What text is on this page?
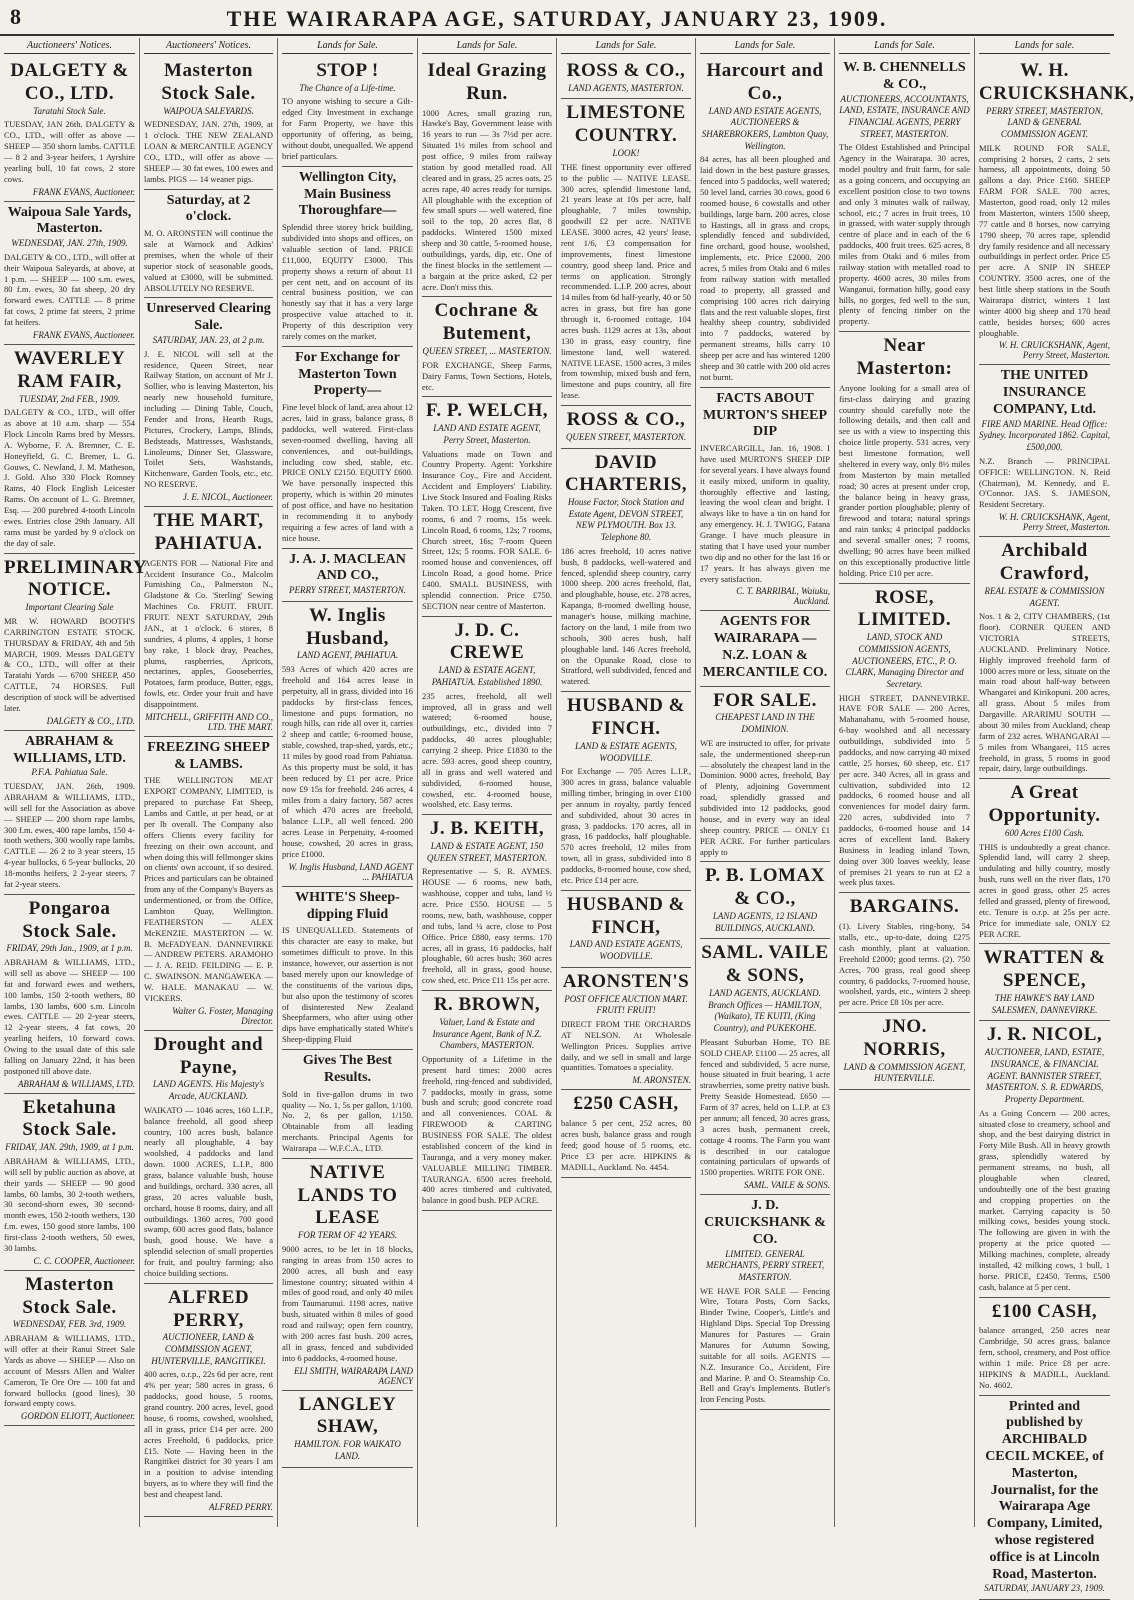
8	THE WAIRARAPA AGE, SATURDAY, JANUARY 23, 1909.
Auctioneers' Notices.
DALGETY & CO., LTD.
Taratahi Stock Sale.
TUESDAY, JAN 26th. DALGETY & CO., LTD., will offer as above — SHEEP — 350 shorn lambs. CATTLE — 8 2 and 3-year heifers, 1 Ayrshire yearling bull, 10 fat cows, 2 store cows.
FRANK EVANS, Auctioneer.
Waipoua Sale Yards, Masterton.
WEDNESDAY, JAN. 27th, 1909.
DALGETY & CO., LTD., will offer at their Waipoua Saleyards, at above, at 1 p.m. — SHEEP — 100 s.m. ewes, 80 f.m. ewes, 30 fat sheep, 20 dry forward ewes. CATTLE — 8 prime fat cows, 2 prime fat steers, 2 prime fat heifers.
FRANK EVANS, Auctioneer.
WAVERLEY RAM FAIR,
TUESDAY, 2nd FEB., 1909.
DALGETY & CO., LTD., will offer as above at 10 a.m. sharp — 554 Flock Lincoln Rams bred by Messrs. A. Wyborne, F. A. Bremner, C. E. Honeyfield, G. C. Bremer, L. G. Gouws, C. Newland, J. M. Matheson, J. Gold. Also 330 Flock Romney Rams, 40 Flock English Leicester Rams. On account of L. G. Bremner, Esq. — 200 purebred 4-tooth Lincoln ewes. Entries close 29th January. All rams must be yarded by 9 o'clock on the day of sale.
PRELIMINARY NOTICE.
Important Clearing Sale
MR W. HOWARD BOOTH'S CARRINGTON ESTATE STOCK. THURSDAY & FRIDAY, 4th and 5th MARCH, 1909. Messrs DALGETY & CO., LTD., will offer at their Taratahi Yards — 6700 SHEEP, 450 CATTLE, 74 HORSES. Full description of stock will be advertised later.
DALGETY & CO., LTD.
ABRAHAM & WILLIAMS, LTD.
P.F.A. Pahiatua Sale.
TUESDAY, JAN. 26th, 1909. ABRAHAM & WILLIAMS, LTD., will sell for the Association as above — SHEEP — 200 shorn rape lambs, 300 f.m. ewes, 400 rape lambs, 150 4-tooth wethers, 300 woolly rape lambs. CATTLE — 26 2 to 3 year steers, 15 4-year bullocks, 6 5-year bullocks, 20 18-months heifers, 2 2-year steers, 7 fat 2-year steers.
Pongaroa Stock Sale.
FRIDAY, 29th Jan., 1909, at 1 p.m.
ABRAHAM & WILLIAMS, LTD., will sell as above — SHEEP — 100 fat and forward ewes and wethers, 100 lambs, 150 2-tooth wethers, 80 lambs, 130 lambs, 600 s.m. Lincoln ewes. CATTLE — 20 2-year steers, 12 2-year steers, 4 fat cows, 20 yearling heifers, 10 forward cows. Owing to the usual date of this sale falling on January 22nd, it has been postponed till above date.
ABRAHAM & WILLIAMS, LTD.
Eketahuna Stock Sale.
FRIDAY, JAN. 29th, 1909, at 1 p.m.
ABRAHAM & WILLIAMS, LTD., will sell by public auction as above, at their yards — SHEEP — 90 good lambs, 60 lambs, 30 2-tooth wethers, 30 second-shorn ewes, 30 second-month ewes, 150 2-tooth wethers, 130 f.m. ewes, 150 good store lambs, 100 first-class 2-tooth wethers, 50 ewes, 30 lambs.
C. C. COOPER, Auctioneer.
Masterton Stock Sale.
WEDNESDAY, FEB. 3rd, 1909.
ABRAHAM & WILLIAMS, LTD., will offer at their Ranui Street Sale Yards as above — SHEEP — Also on account of Messrs Allen and Walter Cameron, Te Ore Ore — 100 fat and forward bullocks (good lines), 30 forward empty cows.
GORDON ELIOTT, Auctioneer.
Auctioneers' Notices.
Masterton Stock Sale.
WAIPOUA SALEYARDS.
WEDNESDAY, JAN. 27th, 1909, at 1 o'clock. THE NEW ZEALAND LOAN & MERCANTILE AGENCY CO., LTD., will offer as above — SHEEP — 30 fat ewes, 100 ewes and lambs. PIGS — 14 weaner pigs.
Saturday, at 2 o'clock.
M. O. ARONSTEN will continue the sale at Warnock and Adkins' premises, when the whole of their superior stock of seasonable goods, valued at £3000, will be submitted. ABSOLUTELY NO RESERVE.
Unreserved Clearing Sale.
SATURDAY, JAN. 23, at 2 p.m.
J. E. NICOL will sell at the residence, Queen Street, near Railway Station, on account of Mr J. Sollier, who is leaving Masterton, his nearly new household furniture, including — Dining Table, Couch, Fender and Irons, Hearth Rugs, Pictures, Crockery, Lamps, Blinds, Bedsteads, Mattresses, Washstands, Linoleums, Dinner Set, Glassware, Toilet Sets, Washstands, Kitchenware, Garden Tools, etc., etc. NO RESERVE.
J. E. NICOL, Auctioneer.
THE MART, PAHIATUA.
AGENTS FOR — National Fire and Accident Insurance Co., Malcolm Furnishing Co., Palmerston N., Gladstone & Co. 'Sterling' Sewing Machines Co. FRUIT. FRUIT. FRUIT. NEXT SATURDAY, 29th JAN., at 1 o'clock. 6 stores, 8 sundries, 4 plums, 4 apples, 1 horse bay rake, 1 block dray, Peaches, plums, raspberries, Apricots, nectarines, apples, Gooseberries, Potatoes, farm produce, Butter, eggs, fowls, etc. Order your fruit and have disappointment.
MITCHELL, GRIFFITH AND CO., LTD. THE MART.
FREEZING SHEEP & LAMBS.
THE WELLINGTON MEAT EXPORT COMPANY, LIMITED, is prepared to purchase Fat Sheep, Lambs and Cattle, at per head, or at per lb overall. The Company also offers Clients every facility for freezing on their own account, and when doing this will fellmonger skins on clients' own account, if so desired. Prices and particulars can be obtained from any of the Company's Buyers as undermentioned, or from the Office, Lambton Quay, Wellington. FEATHERSTON — ALEX McKENZIE. MASTERTON — W. B. McFADYEAN. DANNEVIRKE — ANDREW PETERS. ARAMOHO — J. A. REID. FEILDING — E. P. C. SWAINSON. MANGAWEKA — W. HALE. MANAKAU — W. VICKERS.
Walter G. Foster, Managing Director.
Drought and Payne,
LAND AGENTS. His Majesty's Arcade, AUCKLAND.
WAIKATO — 1046 acres, 160 L.I.P., balance freehold, all good sheep country, 100 acres bush, balance nearly all ploughable, 4 bay woolshed, 4 paddocks and land down. 1000 ACRES, L.I.P., 800 grass, balance valuable bush, house and buildings, orchard. 330 acres, all grass, 20 acres valuable bush, orchard, house 8 rooms, dairy, and all outbuildings. 1360 acres, 700 good swamp, 600 acres good flats, balance bush, good house. We have a splendid selection of small properties for fruit, and poultry farming; also choice building sections.
ALFRED PERRY,
AUCTIONEER, LAND & COMMISSION AGENT, HUNTERVILLE, RANGITIKEI.
400 acres, o.r.p., 22s 6d per acre, rent 4% per year; 580 acres in grass, 6 paddocks, good house, 5 rooms, grand country. 200 acres, level, good house, 6 rooms, cowshed, woolshed, all in grass, price £14 per acre. 200 acres Freehold, 6 paddocks, price £15. Note — Having been in the Rangitikei district for 30 years I am in a position to advise intending buyers, as to where they will find the best and cheapest land.
ALFRED PERRY.
Lands for Sale.
STOP !
The Chance of a Life-time.
TO anyone wishing to secure a Gilt-edged City Investment in exchange for Farm Property, we have this opportunity of offering, as being, without doubt, unequalled. We append brief particulars.
Wellington City, Main Business Thoroughfare—
Splendid three storey brick building, subdivided into shops and offices, on valuable section of land. PRICE £11,000, EQUITY £3000. This property shows a return of about 11 per cent nett, and on account of its central business position, we can honestly say that it has a very large prospective value attached to it. Property of this description very rarely comes on the market.
For Exchange for Masterton Town Property—
Fine level block of land, area about 12 acres, laid in grass, balance grass, 8 paddocks, well watered. First-class seven-roomed dwelling, having all conveniences, and out-buildings, including cow shed, stable, etc. PRICE ONLY £2150. EQUITY £600. We have personally inspected this property, which is within 20 minutes of post office, and have no hesitation in recommending it to anybody requiring a few acres of land with a nice house.
J. A. J. MACLEAN AND CO.,
PERRY STREET, MASTERTON.
W. Inglis Husband,
LAND AGENT, PAHIATUA.
593 Acres of which 420 acres are freehold and 164 acres lease in perpetuity, all in grass, divided into 16 paddocks by first-class fences, limestone and pups formation, no rough hills, can ride all over it, carries 2 sheep and cattle; 6-roomed house, stable, cowshed, trap-shed, yards, etc.; 11 miles by good road from Pahiatua. As this property must be sold, it has been reduced by £1 per acre. Price now £9 15s for freehold. 246 acres, 4 miles from a dairy factory, 587 acres of which 470 acres are freehold, balance L.I.P., all well fenced. 200 acres Lease in Perpetuity, 4-roomed house, cowshed, 20 acres in grass, price £1000.
W. Inglis Husband, LAND AGENT ... PAHIATUA
WHITE'S Sheep-dipping Fluid
IS UNEQUALLED. Statements of this character are easy to make, but sometimes difficult to prove. In this instance, however, our assertion is not based merely upon our knowledge of the constituents of the various dips, but also upon the testimony of scores of disinterested New Zealand Sheepfarmers, who after using other dips have emphatically stated White's Sheep-dipping Fluid
Gives The Best Results.
Sold in five-gallon drums in two quality — No. 1, 5s per gallon, 1/100. No. 2, 6s per gallon, 1/150. Obtainable from all leading merchants. Principal Agents for Wairarapa — W.F.C.A., LTD.
NATIVE LANDS TO LEASE
FOR TERM OF 42 YEARS.
9000 acres, to be let in 18 blocks, ranging in areas from 150 acres to 2000 acres, all bush and easy limestone country; situated within 4 miles of good road, and only 40 miles from Taumarunui. 1198 acres, native bush, situated within 8 miles of good road and railway; open fern country, with 200 acres fast bush. 200 acres, all in grass, fenced and subdivided into 6 paddocks, 4-roomed house.
ELI SMITH, WAIRARAPA LAND AGENCY
LANGLEY SHAW,
HAMILTON. FOR WAIKATO LAND.
Lands for Sale.
Ideal Grazing Run.
1000 Acres, small grazing run, Hawke's Bay, Government lease with 16 years to run — 3s 7½d per acre. Situated 1½ miles from school and post office, 9 miles from railway station by good metalled road. All cleared and in grass, 25 acres oats, 25 acres rape, 40 acres ready for turnips. All ploughable with the exception of few small spurs — well watered, fine soil to the top, 20 acres flat, 8 paddocks. Wintered 1500 mixed sheep and 30 cattle, 5-roomed house, outbuildings, yards, dip, etc. One of the finest blocks in the settlement — a bargain at the price asked, £2 per acre. Don't miss this.
Cochrane & Butement,
QUEEN STREET, ... MASTERTON.
FOR EXCHANGE, Sheep Farms, Dairy Farms, Town Sections, Hotels, etc.
F. P. WELCH,
LAND AND ESTATE AGENT, Perry Street, Masterton.
Valuations made on Town and Country Property. Agent: Yorkshire Insurance Coy., Fire and Accident. Accident and Employers' Liability. Live Stock Insured and Foaling Risks Taken. TO LET. Hogg Crescent, five rooms, 6 and 7 rooms, 15s week. Lincoln Road, 6 rooms, 12s; 7 rooms, Church street, 16s; 7-room Queen Street, 12s; 5 rooms. FOR SALE. 6-roomed house and conveniences, off Lincoln Road, a good home. Price £400. SMALL BUSINESS, with splendid connection. Price £750. SECTION near centre of Masterton.
J. D. C. CREWE
LAND & ESTATE AGENT, PAHIATUA. Established 1890.
235 acres, freehold, all well improved, all in grass and well watered; 6-roomed house, outbuildings, etc., divided into 7 paddocks, 40 acres ploughable; carrying 2 sheep. Price £1830 to the acre. 593 acres, good sheep country, all in grass and well watered and subdivided, 6-roomed house, cowshed, etc. 4-roomed house, woolshed, etc. Easy terms.
J. B. KEITH,
LAND & ESTATE AGENT, 150 QUEEN STREET, MASTERTON.
Representative — S. R. AYMES. HOUSE — 6 rooms, new bath, washhouse, copper and tubs, land ½ acre. Price £550. HOUSE — 5 rooms, new, bath, washhouse, copper and tubs, land ¼ acre, close to Post Office. Price £880, easy terms. 170 acres, all in grass, 16 paddocks, half ploughable, 60 acres bush; 360 acres freehold, all in grass, good house, cow shed, etc. Price £11 15s per acre.
R. BROWN,
Valuer, Land & Estate and Insurance Agent, Bank of N.Z. Chambers, MASTERTON.
Opportunity of a Lifetime in the present hard times: 2000 acres freehold, ring-fenced and subdivided, 7 paddocks, mostly in grass, some bush and scrub; good concrete road and all conveniences. COAL & FIREWOOD & CARTING BUSINESS FOR SALE. The oldest established concern of the kind in Tauranga, and a very money maker. VALUABLE MILLING TIMBER. TAURANGA. 6500 acres freehold, 400 acres timbered and cultivated, balance in good bush. PEP ACRE.
Lands for Sale.
ROSS & CO.,
LAND AGENTS, MASTERTON.
LIMESTONE COUNTRY.
LOOK!
THE finest opportunity ever offered to the public — NATIVE LEASE. 300 acres, splendid limestone land, 21 years lease at 10s per acre, half ploughable, 7 miles township, goodwill £2 per acre. NATIVE LEASE. 3000 acres, 42 years' lease, rent 1/6, £3 compensation for improvements, finest limestone country, good sheep land. Price and terms on application. Strongly recommended. L.I.P. 200 acres, about 14 miles from 6d half-yearly, 40 or 50 acres in grass, but fire has gone through it, 6-roomed cottage, 104 acres bush. 1129 acres at 13s, about 130 in grass, easy country, fine limestone land, well watered. NATIVE LEASE. 1500 acres, 3 miles from township, mixed bush and fern, limestone and pups country, all fire lease.
ROSS & CO.,
QUEEN STREET, MASTERTON.
DAVID CHARTERIS,
House Factor, Stock Station and Estate Agent, DEVON STREET, NEW PLYMOUTH. Box 13. Telephone 80.
186 acres freehold, 10 acres native bush, 8 paddocks, well-watered and fenced, splendid sheep country, carry 1000 sheep. 200 acres freehold, flat, and ploughable, house, etc. 278 acres, Kapanga, 8-roomed dwelling house, manager's house, milking machine, factory on the land, 1 mile from two schools, 300 acres bush, half ploughable land. 146 Acres freehold, on the Opunake Road, close to Stratford, well subdivided, fenced and watered.
HUSBAND & FINCH.
LAND & ESTATE AGENTS, WOODVILLE.
For Exchange — 705 Acres L.I.P., 300 acres in grass, balance valuable milling timber, bringing in over £100 per annum in royalty, partly fenced and subdivided, about 30 acres in grass, 3 paddocks. 170 acres, all in grass, 16 paddocks, half ploughable. 570 acres freehold, 12 miles from town, all in grass, subdivided into 8 paddocks, 8-roomed house, cow shed, etc. Price £14 per acre.
HUSBAND & FINCH,
LAND AND ESTATE AGENTS, WOODVILLE.
ARONSTEN'S
POST OFFICE AUCTION MART. FRUIT! FRUIT!
DIRECT FROM THE ORCHARDS AT NELSON. At Wholesale Wellington Prices. Supplies arrive daily, and we sell in small and large quantities. Tomatoes a speciality.
M. ARONSTEN.
£250 CASH,
balance 5 per cent, 252 acres, 80 acres bush, balance grass and rough feed; good house of 5 rooms, etc. Price £3 per acre. HIPKINS & MADILL, Auckland. No. 4454.
Lands for Sale.
Harcourt and Co.,
LAND AND ESTATE AGENTS, AUCTIONEERS & SHAREBROKERS, Lambton Quay, Wellington.
84 acres, has all been ploughed and laid down in the best pasture grasses, fenced into 5 paddocks, well watered; 50 level land, carries 30 cows, good 6 roomed house, 6 cowstalls and other buildings, large barn. 200 acres, close to Hastings, all in grass and crops, splendidly fenced and subdivided, fine orchard, good house, woolshed, implements, etc. Price £2000. 200 acres, 5 miles from Otaki and 6 miles from railway station with metalled road to property, all grassed and comprising 100 acres rich dairying flats and the rest valuable slopes, first healthy sheep country, subdivided into 7 paddocks, watered by permanent streams, hills carry 10 sheep per acre and has wintered 1200 sheep and 30 cattle with 200 old acres not burnt.
FACTS ABOUT MURTON'S SHEEP DIP
INVERCARGILL, Jan. 16, 1908. I have used MURTON'S SHEEP DIP for several years. I have always found it easily mixed, uniform in quality, thoroughly effective and lasting, leaving the wool clean and bright. I always like to have a tin on hand for any emergency. H. J. TWIGG, Fatana Grange. I have much pleasure in stating that I have used your number two dip and no other for the last 16 or 17 years. It has always given me every satisfaction.
C. T. BARRIBAL, Waiuku, Auckland.
AGENTS FOR WAIRARAPA — N.Z. LOAN & MERCANTILE CO.
FOR SALE.
CHEAPEST LAND IN THE DOMINION.
WE are instructed to offer, for private sale, the undermentioned sheep-run — absolutely the cheapest land in the Dominion. 9000 acres, freehold, Bay of Plenty, adjoining Government road, splendidly grassed and subdivided into 12 paddocks, good house, and in every way an ideal sheep country. PRICE — ONLY £1 PER ACRE. For further particulars apply to
P. B. LOMAX & CO.,
LAND AGENTS, 12 ISLAND BUILDINGS, AUCKLAND.
SAML. VAILE & SONS,
LAND AGENTS, AUCKLAND. Branch Offices — HAMILTON, (Waikato), TE KUITI, (King Country), and PUKEKOHE.
Pleasant Suburban Home, TO BE SOLD CHEAP. £1100 — 25 acres, all fenced and subdivided, 5 acre nurse, house situated in fruit bearing, 1 acre strawberries, some pretty native bush. Pretty Seaside Homestead. £650 — Farm of 37 acres, held on L.I.P. at £3 per annum; all fenced, 30 acres grass, 3 acres bush, permanent creek, cottage 4 rooms. The Farm you want is described in our catalogue containing particulars of upwards of 1500 properties. WRITE FOR ONE.
SAML. VAILE & SONS.
J. D. CRUICKSHANK & CO.
LIMITED. GENERAL MERCHANTS, PERRY STREET, MASTERTON.
WE HAVE FOR SALE — Fencing Wire, Totara Posts, Corn Sacks, Binder Twine, Cooper's, Little's and Highland Dips. Special Top Dressing Manures for Pastures — Grain Manures for Autumn Sowing, suitable for all soils. AGENTS — N.Z. Insurance Co., Accident, Fire and Marine. P. and O. Steamship Co. Bell and Gray's Implements. Butler's Iron Fencing Posts.
Lands for Sale.
W. B. CHENNELLS & CO.,
AUCTIONEERS, ACCOUNTANTS, LAND, ESTATE, INSURANCE AND FINANCIAL AGENTS, PERRY STREET, MASTERTON.
The Oldest Established and Principal Agency in the Wairarapa. 30 acres, model poultry and fruit farm, for sale as a going concern, and occupying an excellent position close to two towns and only 3 minutes walk of railway, school, etc.; 7 acres in fruit trees, 10 in grassed, with water supply through centre of place and in each of the 6 paddocks, 400 fruit trees. 625 acres, 8 miles from Otaki and 6 miles from railway station with metalled road to property. 4600 acres, 30 miles from Wanganui, formation hilly, good easy hills, no gorges, fed well to the sun, plenty of fencing timber on the property.
Near Masterton:
Anyone looking for a small area of first-class dairying and grazing country should carefully note the following details, and then call and see us with a view to inspecting this choice little property. 531 acres, very best limestone formation, well sheltered in every way, only 8½ miles from Masterton by main metalled road; 30 acres at present under crop, the balance being in heavy grass, grander portion ploughable; plenty of firewood and totara; natural springs and rain tanks; 4 principal paddocks and several smaller ones; 7 rooms, dwelling; 90 acres have been milked on this exceptionally productive little holding. Price £10 per acre.
ROSE, LIMITED.
LAND, STOCK AND COMMISSION AGENTS, AUCTIONEERS, ETC., P. O. CLARK, Managing Director and Secretary.
HIGH STREET, DANNEVIRKE. HAVE FOR SALE — 200 Acres, Mahanahanu, with 5-roomed house, 6-bay woolshed and all necessary outbuildings, subdivided into 5 paddocks, and now carrying 40 mixed cattle, 25 horses, 60 sheep, etc. £17 per acre. 340 Acres, all in grass and cultivation, subdivided into 12 paddocks, 6 roomed house and all conveniences for model dairy farm. 220 acres, subdivided into 7 paddocks, 6-roomed house and 14 acres of excellent land. Bakery Business in leading inland Town, doing over 300 loaves weekly, lease of premises 21 years to run at £2 a week plus taxes.
BARGAINS.
(1). Livery Stables, ring-bony, 54 stalls, etc., up-to-date, doing £275 cash monthly, plant at valuation. Freehold £2000; good terms. (2). 750 Acres, 700 grass, real good sheep country, 6 paddocks, 7-roomed house, woolshed, yards, etc., winters 2 sheep per acre. Price £8 10s per acre.
JNO. NORRIS,
LAND & COMMISSION AGENT, HUNTERVILLE.
Lands for sale.
W. H. CRUICKSHANK,
PERRY STREET, MASTERTON, LAND & GENERAL COMMISSION AGENT.
MILK ROUND FOR SALE, comprising 2 horses, 2 carts, 2 sets harness, all appointments, doing 50 gallons a day. Price £160. SHEEP FARM FOR SALE. 700 acres, Masterton, good road, only 12 miles from Masterton, winters 1500 sheep, 77 cattle and 8 horses, now carrying 1790 sheep, 70 acres rape, splendid dry family residence and all necessary outbuildings in perfect order. Price £5 per acre. A SNIP IN SHEEP COUNTRY. 3500 acres, one of the best little sheep stations in the South Wairarapa district, winters 1 last winter 4000 big sheep and 170 head cattle, besides horses; 600 acres ploughable.
W. H. CRUICKSHANK, Agent, Perry Street, Masterton.
THE UNITED INSURANCE COMPANY, Ltd.
FIRE AND MARINE. Head Office: Sydney. Incorporated 1862. Capital, £500,000.
N.Z. Branch — PRINCIPAL OFFICE: WELLINGTON. N. Reid (Chairman), M. Kennedy, and E. O'Connor. JAS. S. JAMESON, Resident Secretary.
W. H. CRUICKSHANK, Agent, Perry Street, Masterton.
Archibald Crawford,
REAL ESTATE & COMMISSION AGENT.
Nos. 1 & 2, CITY CHAMBERS, (1st floor). CORNER QUEEN AND VICTORIA STREETS, AUCKLAND. Preliminary Notice. Highly improved freehold farm of 1000 acres more or less, situate on the main road about half-way between Whangarei and Kirikopuni. 200 acres, all grass. About 5 miles from Dargaville. ARARIMU SOUTH — about 30 miles from Auckland, cheap farm of 232 acres. WHANGARAI — 5 miles from Whangarei, 115 acres freehold, in grass, 5 rooms in good repair, dairy, large outbuildings.
A Great Opportunity.
600 Acres £100 Cash.
THIS is undoubtedly a great chance. Splendid land, will carry 2 sheep, undulating and hilly country, mostly bush, runs well on the river flats, 170 acres in good grass, other 25 acres felled and grassed, plenty of firewood, etc. Tenure is o.r.p. at 25s per acre. Price for immediate sale, ONLY £2 PER ACRE.
WRATTEN & SPENCE,
THE HAWKE'S BAY LAND SALESMEN, DANNEVIRKE.
J. R. NICOL,
AUCTIONEER, LAND, ESTATE, INSURANCE, & FINANCIAL AGENT. BANNISTER STREET, MASTERTON. S. R. EDWARDS, Property Department.
As a Going Concern — 200 acres, situated close to creamery, school and shop, and the best dairying district in Forty Mile Bush. All in heavy growth grass, splendidly watered by permanent streams, no bush, all ploughable when cleared, undoubtedly one of the best grazing and cropping properties on the market. Carrying capacity is 50 milking cows, besides young stock. The following are given in with the property at the price quoted — Milking machines, complete, already installed, 42 milking cows, 1 bull, 1 horse. PRICE, £2450. Terms, £500 cash, balance at 5 per cent.
£100 CASH,
balance arranged, 250 acres near Cambridge, 50 acres grass, balance fern, school, creamery, and Post office within 1 mile. Price £8 per acre. HIPKINS & MADILL, Auckland. No. 4602.
Printed and published by ARCHIBALD CECIL MCKEE, of Masterton, Journalist, for the Wairarapa Age Company, Limited, whose registered office is at Lincoln Road, Masterton.
SATURDAY, JANUARY 23, 1909.
